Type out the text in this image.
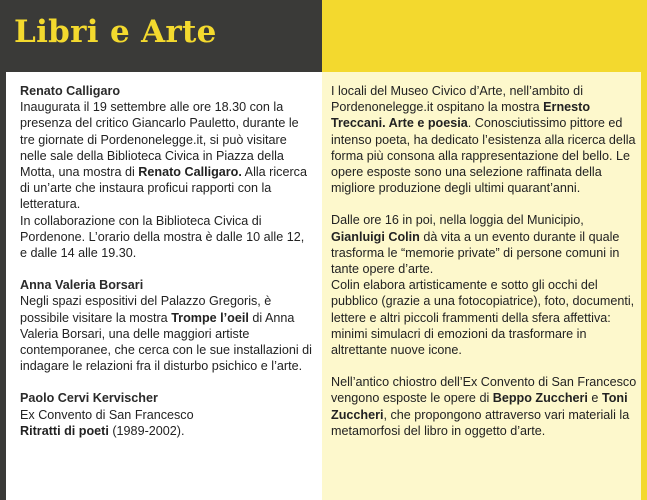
Libri e Arte
Renato Calligaro

Inaugurata il 19 settembre alle ore 18.30 con la presenza del critico Giancarlo Pauletto, durante le tre giornate di Pordenonelegge.it, si può visitare nelle sale della Biblioteca Civica in Piazza della Motta, una mostra di Renato Calligaro. Alla ricerca di un’arte che instaura proficui rapporti con la letteratura.

In collaborazione con la Biblioteca Civica di Pordenone. L’orario della mostra è dalle 10 alle 12, e dalle 14 alle 19.30.

Anna Valeria Borsari

Negli spazi espositivi del Palazzo Gregoris, è possibile visitare la mostra Trompe l’oeil di Anna Valeria Borsari, una delle maggiori artiste contemporanee, che cerca con le sue installazioni di indagare le relazioni fra il disturbo psichico e l’arte.

Paolo Cervi Kervischer

Ex Convento di San Francesco

Ritratti di poeti (1989-2002).

I locali del Museo Civico d’Arte, nell’ambito di Pordenonelegge.it ospitano la mostra Ernesto Treccani. Arte e poesia. Conosciutissimo pittore ed intenso poeta, ha dedicato l’esistenza alla ricerca della forma più consona alla rappresentazione del bello. Le opere esposte sono una selezione raffinata della migliore produzione degli ultimi quarant’anni.

Dalle ore 16 in poi, nella loggia del Municipio, Gianluigi Colin dà vita a un evento durante il quale trasforma le “memorie private” di persone comuni in tante opere d’arte.

Colin elabora artisticamente e sotto gli occhi del pubblico (grazie a una fotocopiatrice), foto, documenti, lettere e altri piccoli frammenti della sfera affettiva: minimi simulacri di emozioni da trasformare in altrettante nuove icone.

Nell’antico chiostro dell’Ex Convento di San Francesco vengono esposte le opere di Beppo Zuccheri e Toni Zuccheri, che propongono attraverso vari materiali la metamorfosi del libro in oggetto d’arte.
